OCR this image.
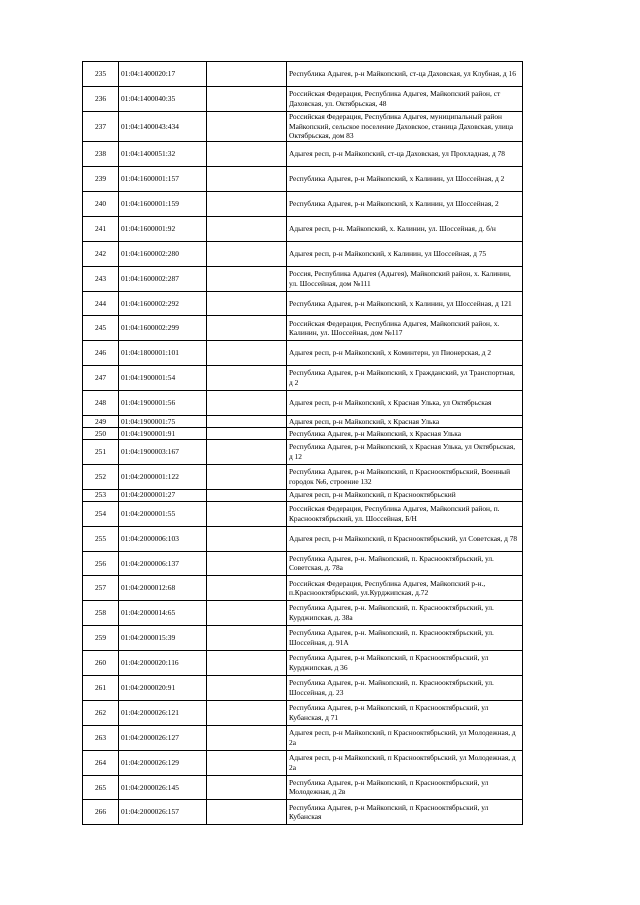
235	01:04:1400020:17		Республика Адыгея, р-н Майкопский, ст-ца Даховская, ул Клубная, д 16
236	01:04:1400040:35		Российская Федерация, Республика Адыгея, Майкопский район, ст Даховская, ул. Октябрьская, 48
237	01:04:1400043:434		Российская Федерация, Республика Адыгея, муниципальный район Майкопский, сельское поселение Даховское, станица Даховская, улица Октябрьская, дом 83
238	01:04:1400051:32		Адыгея респ, р-н Майкопский, ст-ца Даховская, ул Прохладная, д 78
239	01:04:1600001:157		Республика Адыгея, р-н Майкопский, х Калинин, ул Шоссейная, д 2
240	01:04:1600001:159		Республика Адыгея, р-н Майкопский, х Калинин, ул Шоссейная, 2
241	01:04:1600001:92		Адыгея респ, р-н. Майкопский, х. Калинин, ул. Шоссейная, д. б/н
242	01:04:1600002:280		Адыгея респ, р-н Майкопский, х Калинин, ул Шоссейная, д 75
243	01:04:1600002:287		Россия, Республика Адыгея (Адыгея), Майкопский район, х. Калинин, ул. Шоссейная, дом №111
244	01:04:1600002:292		Республика Адыгея, р-н Майкопский, х Калинин, ул Шоссейная, д 121
245	01:04:1600002:299		Российская Федерация, Республика Адыгея, Майкопский район, х. Калинин, ул. Шоссейная, дом №117
246	01:04:1800001:101		Адыгея респ, р-н Майкопский, х Коминтерн, ул Пионерская, д 2
247	01:04:1900001:54		Республика Адыгея, р-н Майкопский, х Гражданский, ул Транспортная, д 2
248	01:04:1900001:56		Адыгея респ, р-н Майкопский, х Красная Улька, ул Октябрьская
249	01:04:1900001:75		Адыгея респ, р-н Майкопский, х Красная Улька
250	01:04:1900001:91		Республика Адыгея, р-н Майкопский, х Красная Улька
251	01:04:1900003:167		Республика Адыгея, р-н Майкопский, х Красная Улька, ул Октябрьская, д 12
252	01:04:2000001:122		Республика Адыгея, р-н Майкопский, п Краснооктябрьский, Военный городок №6, строение 132
253	01:04:2000001:27		Адыгея респ, р-н Майкопский, п Краснооктябрьский
254	01:04:2000001:55		Российская Федерация, Республика Адыгея, Майкопский район, п. Краснооктябрьский, ул. Шоссейная, Б/Н
255	01:04:2000006:103		Адыгея респ, р-н Майкопский, п Краснооктябрьский, ул Советская, д 78
256	01:04:2000006:137		Республика Адыгея, р-н. Майкопский, п. Краснооктябрьский, ул. Советская, д. 78а
257	01:04:2000012:68		Российская Федерация, Республика Адыгея, Майкопский р-н., п.Краснооктябрьский, ул.Курджипская, д.72
258	01:04:2000014:65		Республика Адыгея, р-н. Майкопский, п. Краснооктябрьский, ул. Курджипская, д. 38а
259	01:04:2000015:39		Республика Адыгея, р-н. Майкопский, п. Краснооктябрьский, ул. Шоссейная, д. 91А
260	01:04:2000020:116		Республика Адыгея, р-н Майкопский, п Краснооктябрьский, ул Курджипская, д 36
261	01:04:2000020:91		Республика Адыгея, р-н. Майкопский, п. Краснооктябрьский, ул. Шоссейная, д. 23
262	01:04:2000026:121		Республика Адыгея, р-н Майкопский, п Краснооктябрьский, ул Кубанская, д 71
263	01:04:2000026:127		Адыгея респ, р-н Майкопский, п Краснооктябрьский, ул Молодежная, д 2а
264	01:04:2000026:129		Адыгея респ, р-н Майкопский, п Краснооктябрьский, ул Молодежная, д 2а
265	01:04:2000026:145		Республика Адыгея, р-н Майкопский, п Краснооктябрьский, ул Молодежная, д 2в
266	01:04:2000026:157		Республика Адыгея, р-н Майкопский, п Краснооктябрьский, ул Кубанская
